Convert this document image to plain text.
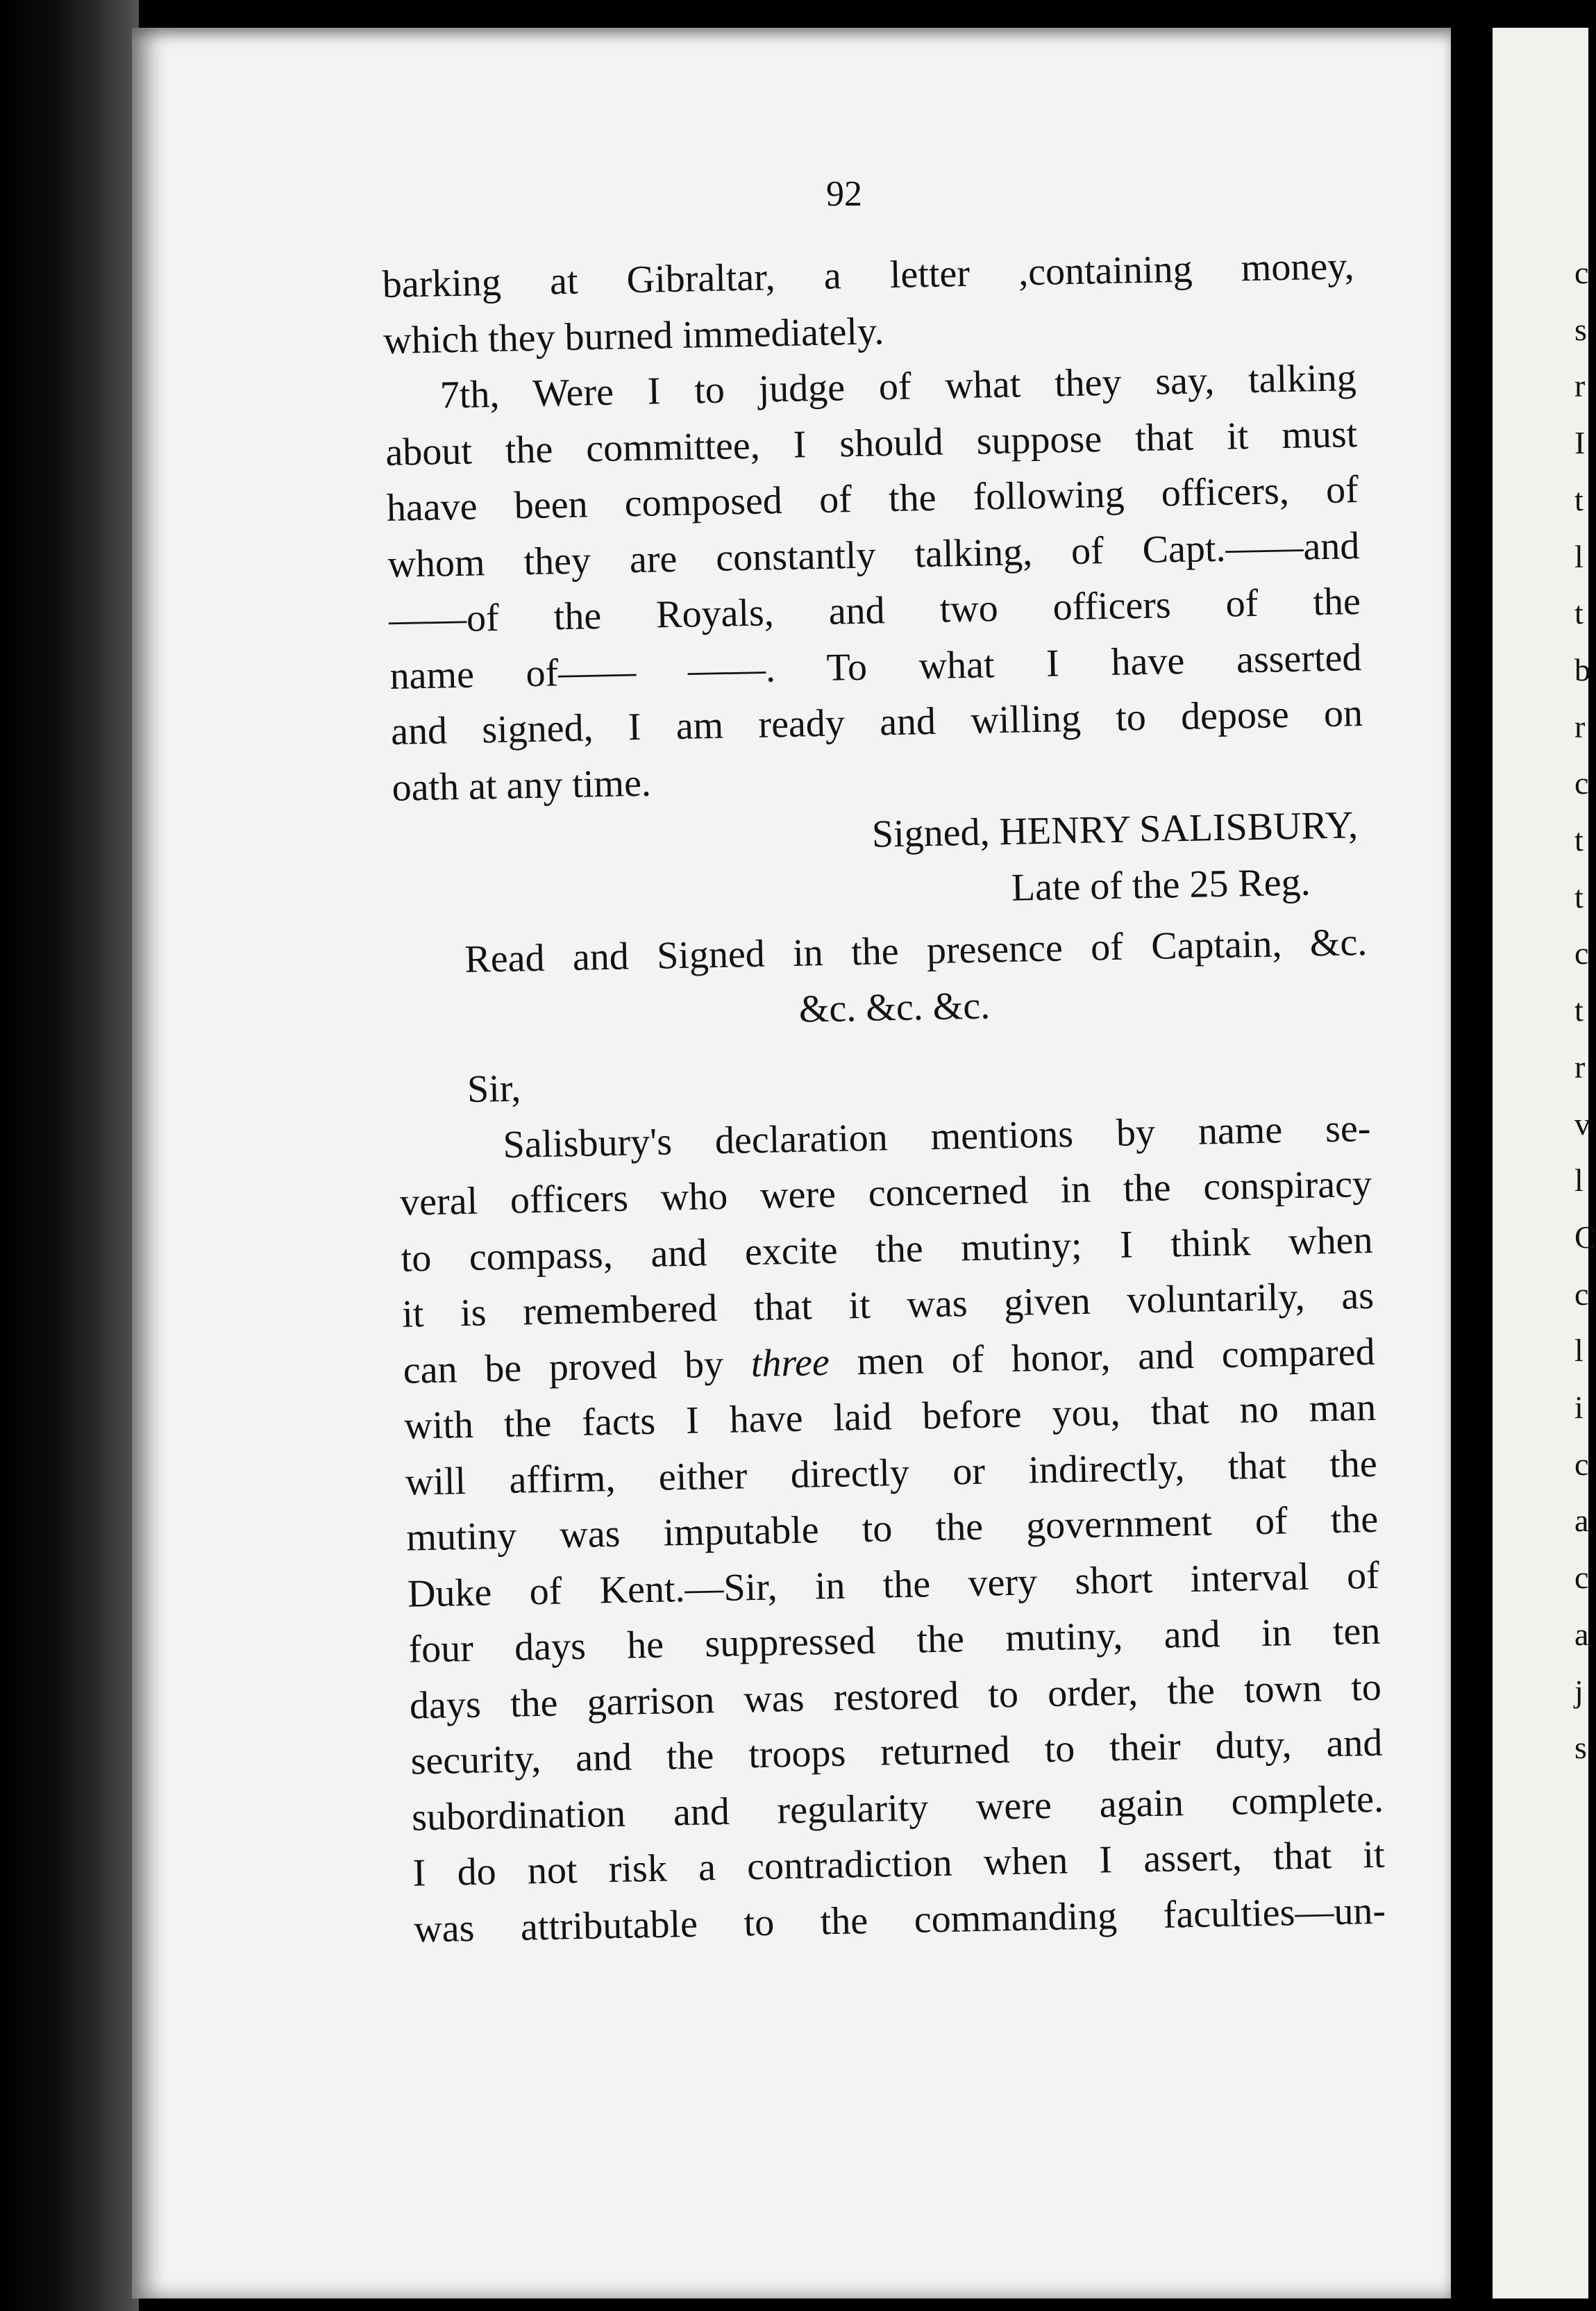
92
barking at Gibraltar, a letter ,containing money,
which they burned immediately.
7th, Were I to judge of what they say, talking
about the committee, I should suppose that it must
haave been composed of the following officers, of
whom they are constantly talking, of Capt.——and
——of the Royals, and two officers of the
name of—— ——. To what I have asserted
and signed, I am ready and willing to depose on
oath at any time.
Signed, HENRY SALISBURY,
Late of the 25 Reg.
Read and Signed in the presence of Captain, &c.
&c. &c. &c.
Sir,
Salisbury's declaration mentions by name se-
veral officers who were concerned in the conspiracy
to compass, and excite the mutiny; I think when
it is remembered that it was given voluntarily, as
can be proved by three men of honor, and compared
with the facts I have laid before you, that no man
will affirm, either directly or indirectly, that the
mutiny was imputable to the government of the
Duke of Kent.—Sir, in the very short interval of
four days he suppressed the mutiny, and in ten
days the garrison was restored to order, the town to
security, and the troops returned to their duty, and
subordination and regularity were again complete.
I do not risk a contradiction when I assert, that it
was attributable to the commanding faculties—un-
c
s
r
I
t
l
t
b
r
c
t
t
c
t
r
v
l
C
c
l
i
c
a
c
a
j
s
